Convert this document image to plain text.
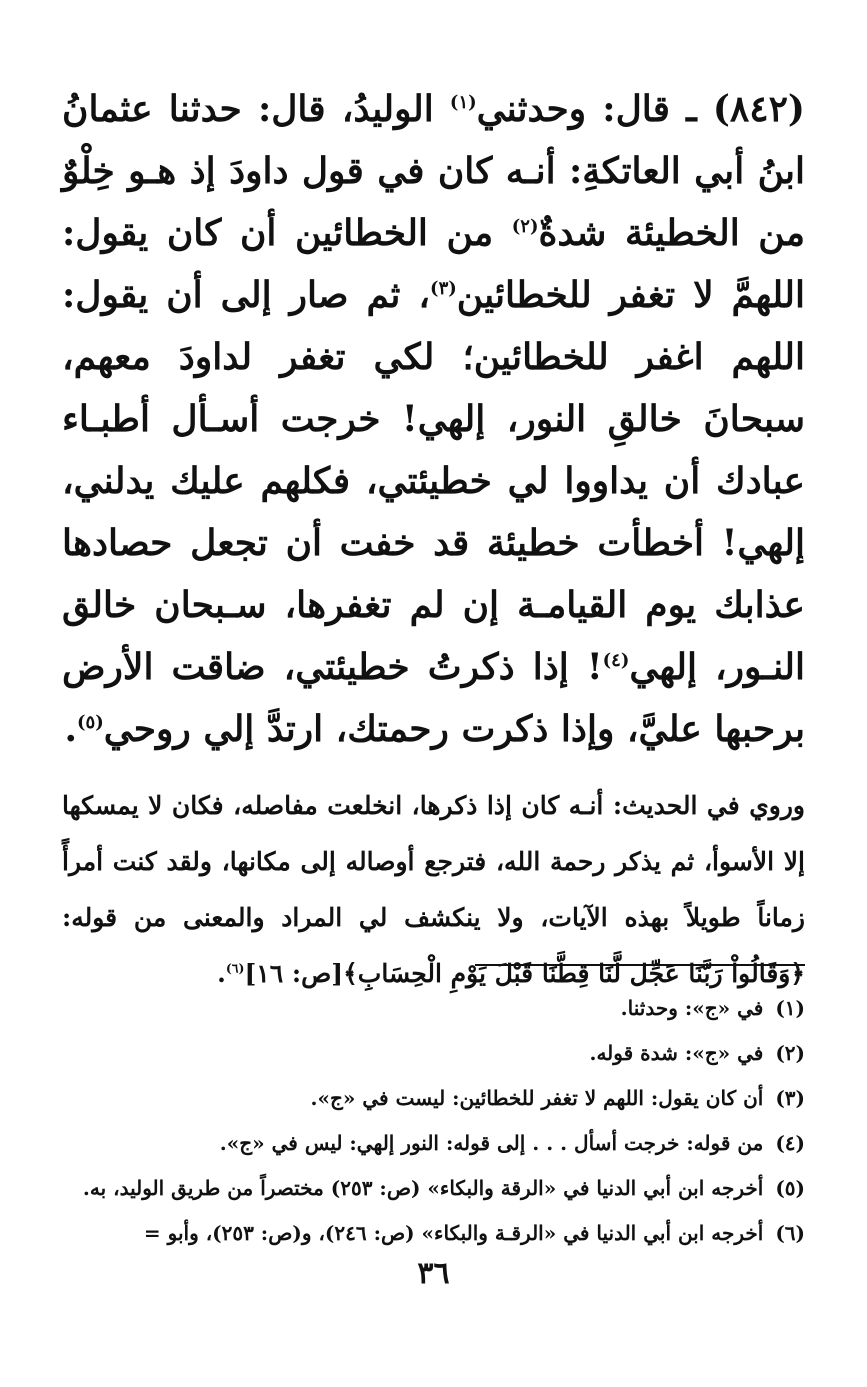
(٨٤٢) ـ قال: وحدثني$^{(١)}$ الوليدُ، قال: حدثنا عثمانُ ابنُ أبي العاتكةِ: أنـه كان في قول داودَ إذ هـو خِلْوٌ من الخطيئة شدةٌ$^{(٢)}$ من الخطائين أن كان يقول: اللهمَّ لا تغفر للخطائين$^{(٣)}$، ثم صار إلى أن يقول: اللهم اغفر للخطائين؛ لكي تغفر لداودَ معهم، سبحانَ خالقِ النور، إلهي! خرجت أسـأل أطبـاء عبادك أن يداووا لي خطيئتي، فكلهم عليك يدلني، إلهي! أخطأت خطيئة قد خفت أن تجعل حصادها عذابك يوم القيامـة إن لم تغفرها، سـبحان خالق النـور، إلهي$^{(٤)}$! إذا ذكرتُ خطيئتي، ضاقت الأرض برحبها عليَّ، وإذا ذكرت رحمتك، ارتدَّ إلي روحي$^{(٥)}$.

وروي في الحديث: أنـه كان إذا ذكرها، انخلعت مفاصله، فكان لا يمسكها إلا الأسوأ، ثم يذكر رحمة الله، فترجع أوصاله إلى مكانها، ولقد كنت أمرأً زماناً طويلاً بهذه الآيات، ولا ينكشف لي المراد والمعنى من قوله: ﴿وَقَالُواْ رَبَّنَا عَجِّل لَّنَا قِطَّنَا قَبْلَ يَوْمِ الْحِسَابِ﴾[ص: ١٦]$^{(٦)}$.

(١)
في «ج»: وحدثنا.
(٢)
في «ج»: شدة قوله.
(٣)
أن كان يقول: اللهم لا تغفر للخطائين: ليست في «ج».
(٤)
من قوله: خرجت أسأل . . . إلى قوله: النور إلهي: ليس في «ج».
(٥)
أخرجه ابن أبي الدنيا في «الرقة والبكاء» (ص: ٢٥٣) مختصراً من طريق الوليد، به.
(٦)
أخرجه ابن أبي الدنيا في «الرقـة والبكاء» (ص: ٢٤٦)، و(ص: ٢٥٣)، وأبو =
٣٦
